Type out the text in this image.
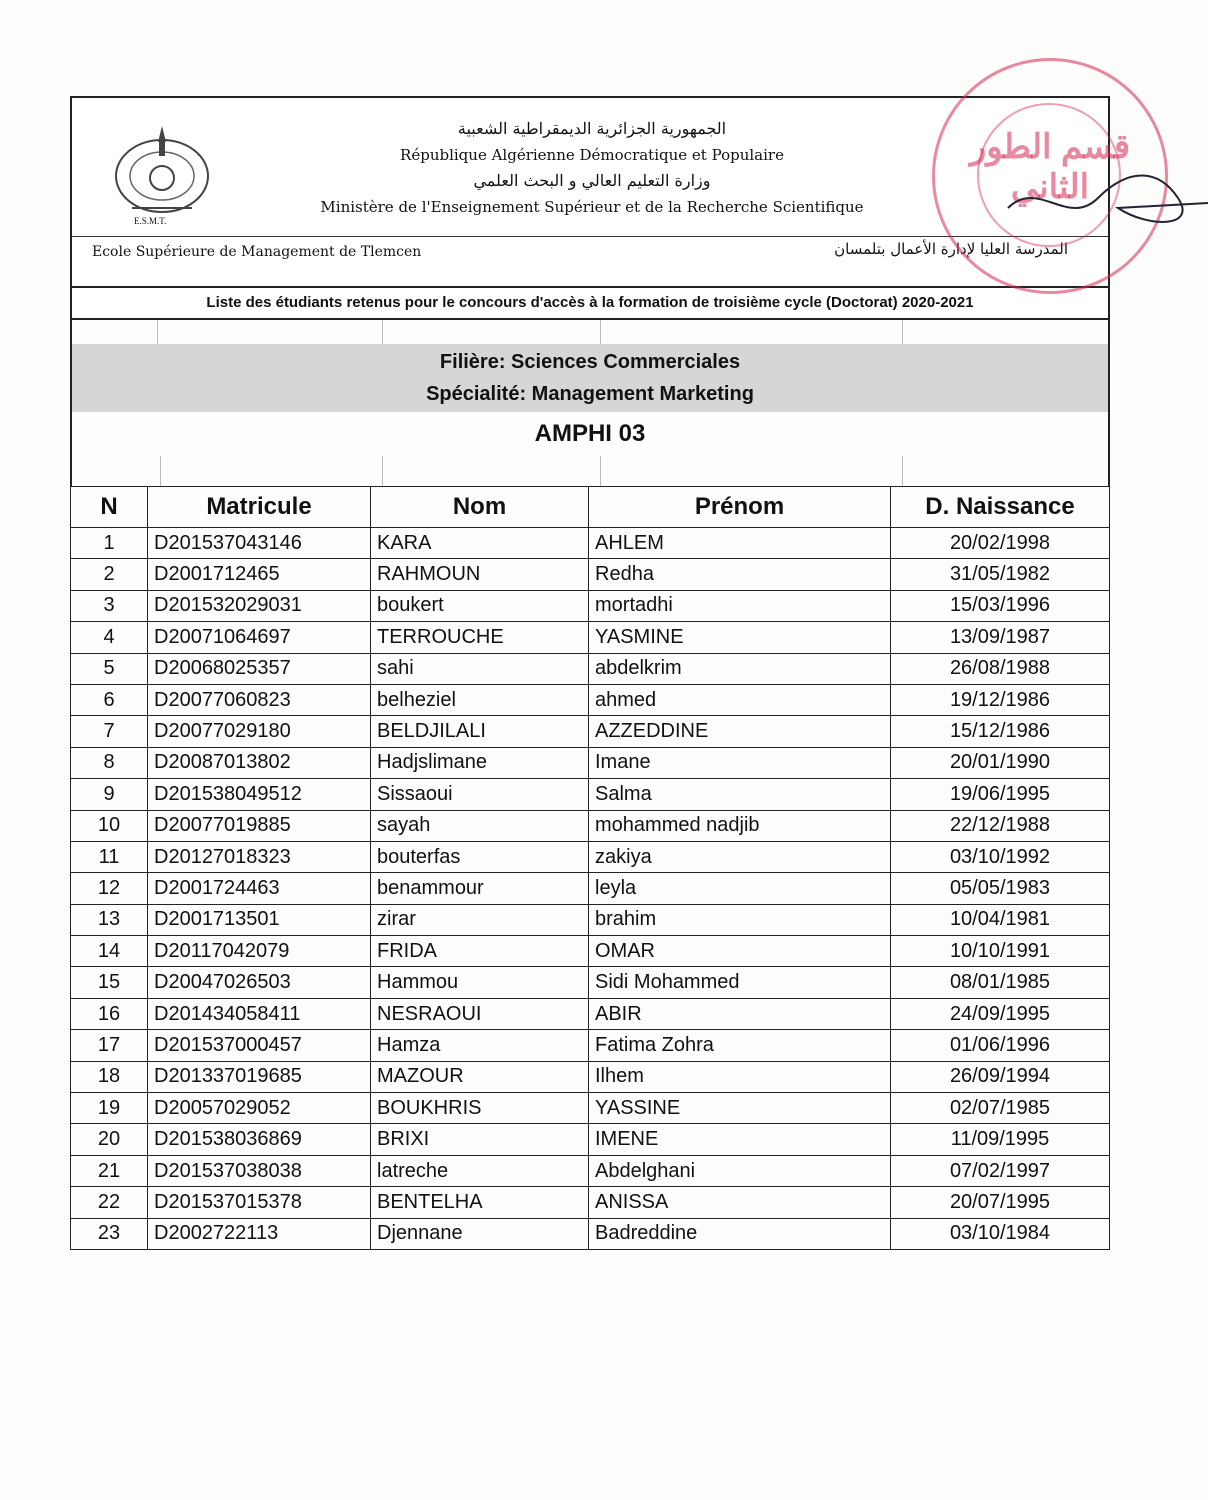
E.S.M.T.
الجمهورية الجزائرية الديمقراطية الشعبية
République Algérienne Démocratique et Populaire
وزارة التعليم العالي و البحث العلمي
Ministère de l'Enseignement Supérieur et de la Recherche Scientifique
Ecole Supérieure de Management de Tlemcen	المدرسة العليا لإدارة الأعمال بتلمسان
قسم الطور الثاني
Liste des étudiants retenus pour le concours d'accès à la formation de troisième cycle (Doctorat) 2020-2021
Filière: Sciences Commerciales
Spécialité: Management Marketing
AMPHI 03
N	Matricule	Nom	Prénom	D. Naissance
1	D201537043146	KARA	AHLEM	20/02/1998
2	D2001712465	RAHMOUN	Redha	31/05/1982
3	D201532029031	boukert	mortadhi	15/03/1996
4	D20071064697	TERROUCHE	YASMINE	13/09/1987
5	D20068025357	sahi	abdelkrim	26/08/1988
6	D20077060823	belheziel	ahmed	19/12/1986
7	D20077029180	BELDJILALI	AZZEDDINE	15/12/1986
8	D20087013802	Hadjslimane	Imane	20/01/1990
9	D201538049512	Sissaoui	Salma	19/06/1995
10	D20077019885	sayah	mohammed nadjib	22/12/1988
11	D20127018323	bouterfas	zakiya	03/10/1992
12	D2001724463	benammour	leyla	05/05/1983
13	D2001713501	zirar	brahim	10/04/1981
14	D20117042079	FRIDA	OMAR	10/10/1991
15	D20047026503	Hammou	Sidi Mohammed	08/01/1985
16	D201434058411	NESRAOUI	ABIR	24/09/1995
17	D201537000457	Hamza	Fatima Zohra	01/06/1996
18	D201337019685	MAZOUR	Ilhem	26/09/1994
19	D20057029052	BOUKHRIS	YASSINE	02/07/1985
20	D201538036869	BRIXI	IMENE	11/09/1995
21	D201537038038	latreche	Abdelghani	07/02/1997
22	D201537015378	BENTELHA	ANISSA	20/07/1995
23	D2002722113	Djennane	Badreddine	03/10/1984
